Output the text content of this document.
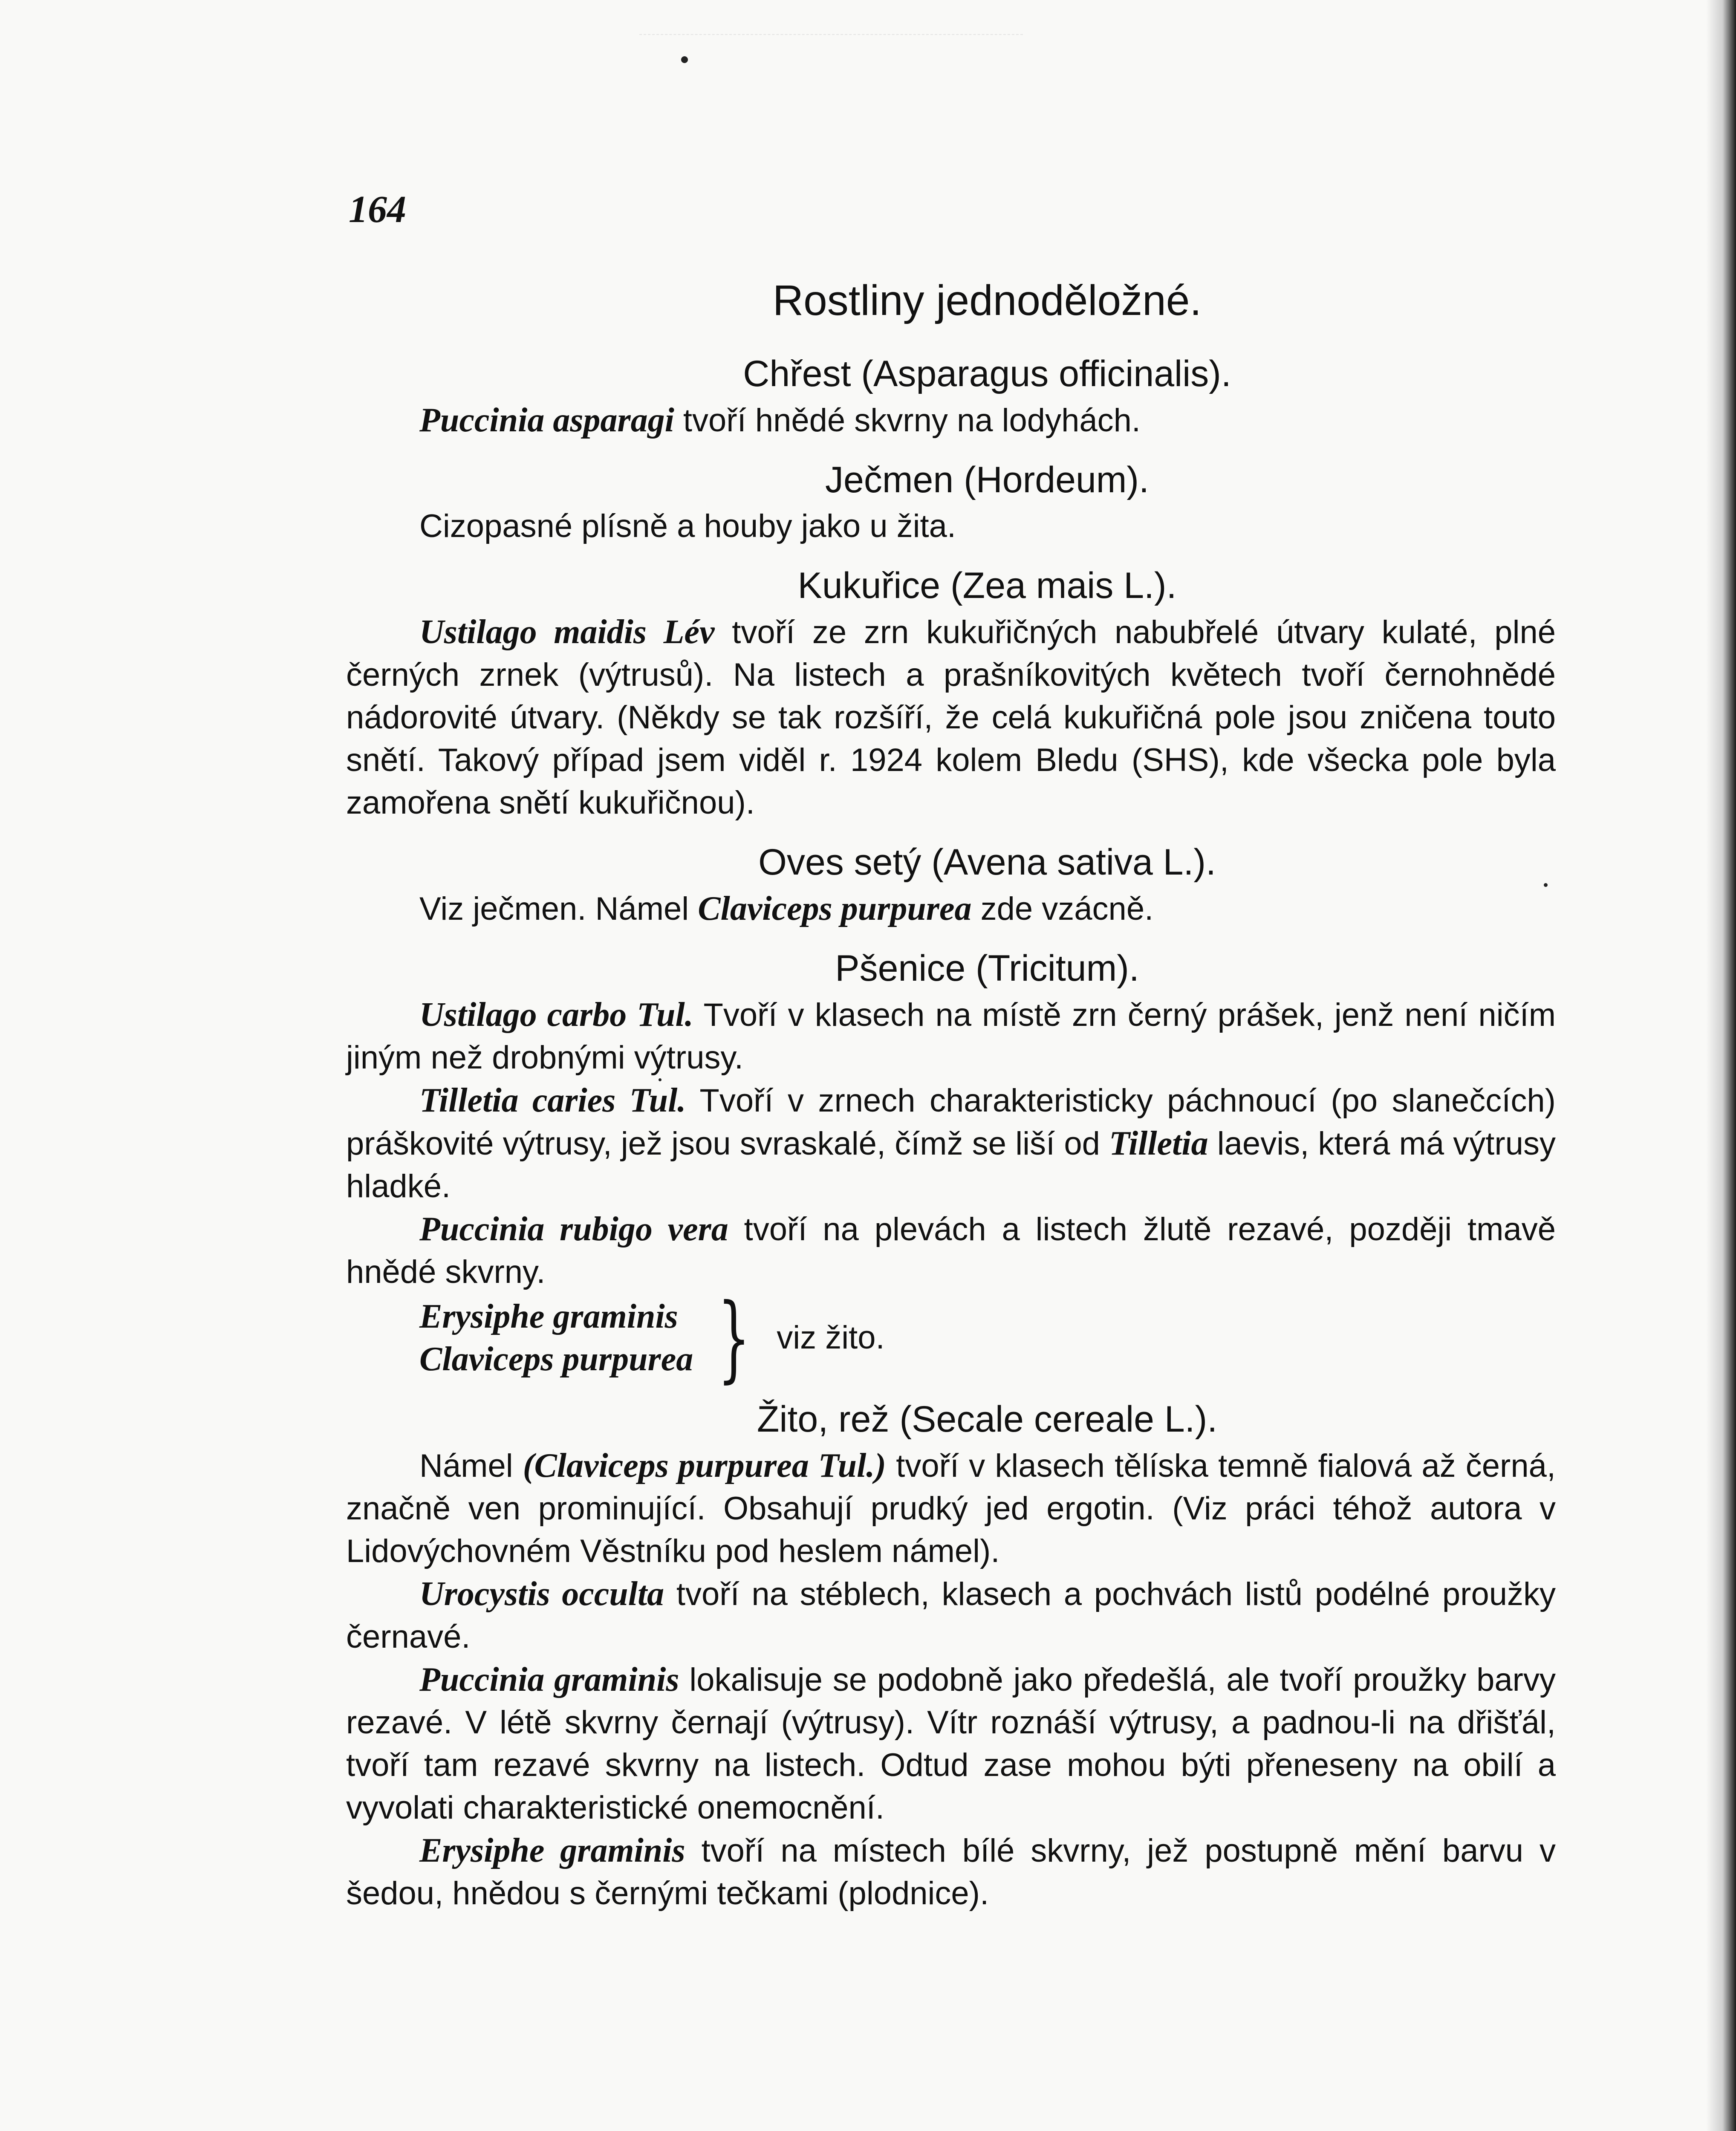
164
Rostliny jednoděložné.
Chřest (Asparagus officinalis).

Puccinia asparagi tvoří hnědé skvrny na lodyhách.

Ječmen (Hordeum).

Cizopasné plísně a houby jako u žita.

Kukuřice (Zea mais L.).

Ustilago maidis Lév tvoří ze zrn kukuřičných nabubřelé útvary kulaté, plné černých zrnek (výtrusů). Na listech a prašníkovitých květech tvoří černohnědé nádorovité útvary. (Někdy se tak rozšíří, že celá kukuřičná pole jsou zničena touto snětí. Takový případ jsem viděl r. 1924 kolem Bledu (SHS), kde všecka pole byla zamořena snětí kukuřičnou).

Oves setý (Avena sativa L.).

Viz ječmen. Námel Claviceps purpurea zde vzácně.

Pšenice (Tricitum).

Ustilago carbo Tul. Tvoří v klasech na místě zrn černý prášek, jenž není ničím jiným než drobnými výtrusy.

Tilletia caries Tul. Tvoří v zrnech charakteristicky páchnoucí (po slanečcích) práškovité výtrusy, jež jsou svraskalé, čímž se liší od Tilletia laevis, která má výtrusy hladké.

Puccinia rubigo vera tvoří na plevách a listech žlutě rezavé, později tmavě hnědé skvrny.

Erysiphe graminis
Claviceps purpurea } viz žito.
Žito, rež (Secale cereale L.).

Námel (Claviceps purpurea Tul.) tvoří v klasech tělíska temně fialová až černá, značně ven prominující. Obsahují prudký jed ergotin. (Viz práci téhož autora v Lidovýchovném Věstníku pod heslem námel).

Urocystis occulta tvoří na stéblech, klasech a pochvách listů podélné proužky černavé.

Puccinia graminis lokalisuje se podobně jako předešlá, ale tvoří proužky barvy rezavé. V létě skvrny černají (výtrusy). Vítr roznáší výtrusy, a padnou-li na dřišťál, tvoří tam rezavé skvrny na listech. Odtud zase mohou býti přeneseny na obilí a vyvolati charakteristické onemocnění.

Erysiphe graminis tvoří na místech bílé skvrny, jež postupně mění barvu v šedou, hnědou s černými tečkami (plodnice).
